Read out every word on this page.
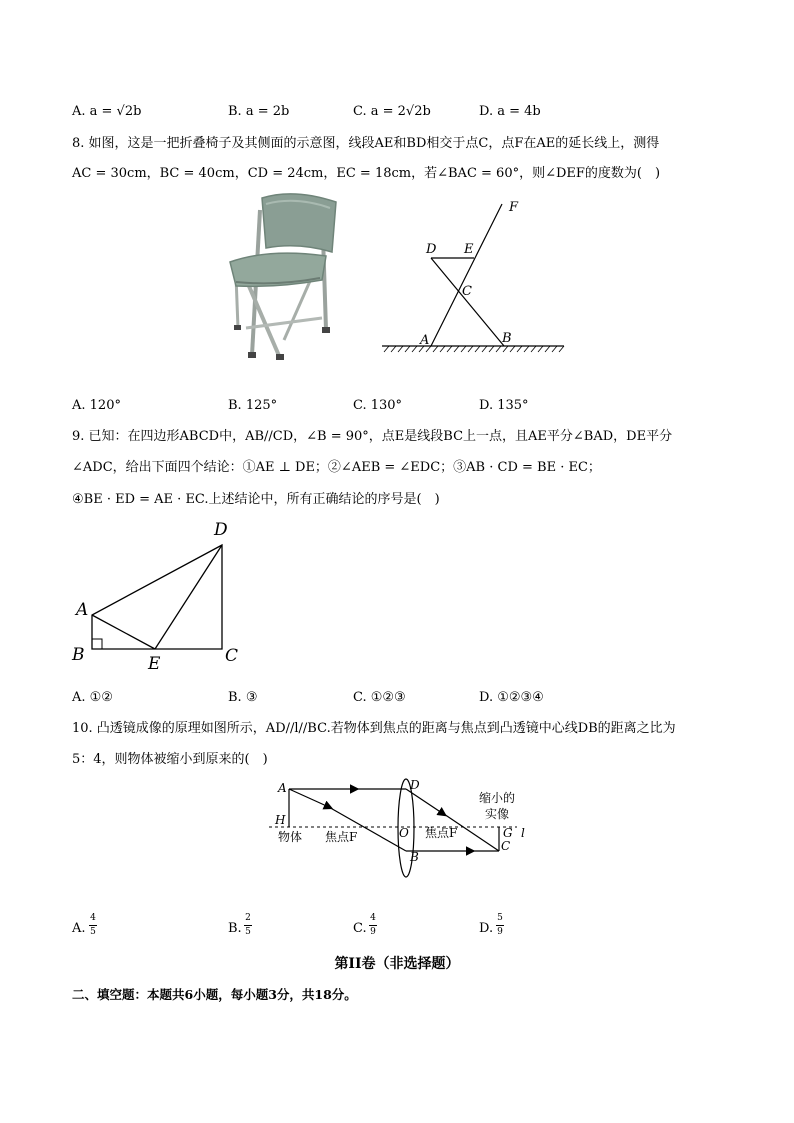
A. a = √2b	B. a = 2b	C. a = 2√2b	D. a = 4b
8. 如图，这是一把折叠椅子及其侧面的示意图，线段AE和BD相交于点C，点F在AE的延长线上，测得
AC = 30cm，BC = 40cm，CD = 24cm，EC = 18cm，若∠BAC = 60°，则∠DEF的度数为(　)
F
D E
C
A	B
A. 120°	B. 125°	C. 130°	D. 135°
9. 已知：在四边形ABCD中，AB//CD，∠B = 90°，点E是线段BC上一点，且AE平分∠BAD，DE平分
∠ADC，给出下面四个结论：①AE ⊥ DE；②∠AEB = ∠EDC；③AB · CD = BE · EC；
④BE · ED = AE · EC.上述结论中，所有正确结论的序号是(　)
D
A
B	E	C
A. ①②	B. ③	C. ①②③	D. ①②③④
10. 凸透镜成像的原理如图所示，AD//l//BC.若物体到焦点的距离与焦点到凸透镜中心线DB的距离之比为
5：4，则物体被缩小到原来的(　)
A	D
H
物体 焦点F	O 焦点F	G l
B
C
缩小的
实像
A.
4
5	B.
2
5	C.
4
9	D.
5
9
第II卷（非选择题）
二、填空题：本题共6小题，每小题3分，共18分。
